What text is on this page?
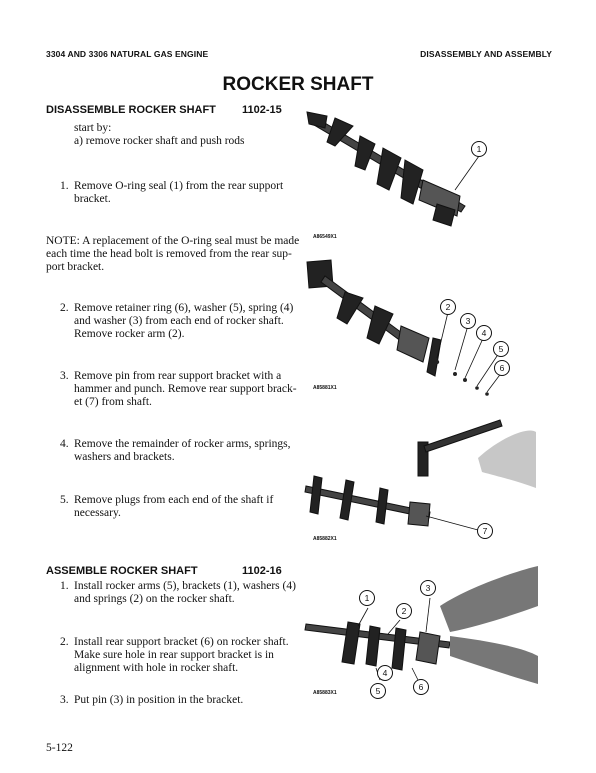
3304 AND 3306 NATURAL GAS ENGINE	DISASSEMBLY AND ASSEMBLY
ROCKER SHAFT
DISASSEMBLE ROCKER SHAFT 1102-15
start by:
a) remove rocker shaft and push rods
1. Remove O-ring seal (1) from the rear support
bracket.
NOTE: A replacement of the O-ring seal must be made
each time the head bolt is removed from the rear sup-
port bracket.
2. Remove retainer ring (6), washer (5), spring (4)
and washer (3) from each end of rocker shaft.
Remove rocker arm (2).
3. Remove pin from rear support bracket with a
hammer and punch. Remove rear support brack-
et (7) from shaft.
4. Remove the remainder of rocker arms, springs,
washers and brackets.
5. Remove plugs from each end of the shaft if
necessary.
ASSEMBLE ROCKER SHAFT	1102-16
1. Install rocker arms (5), brackets (1), washers (4)
and springs (2) on the rocker shaft.
2. Install rear support bracket (6) on rocker shaft.
Make sure hole in rear support bracket is in
alignment with hole in rocker shaft.
3. Put pin (3) in position in the bracket.
1
A86549X1
2
3
4
5
6
A85881X1
7
A85882X1
1
2
3
4
5	6
A85883X1
5-122
